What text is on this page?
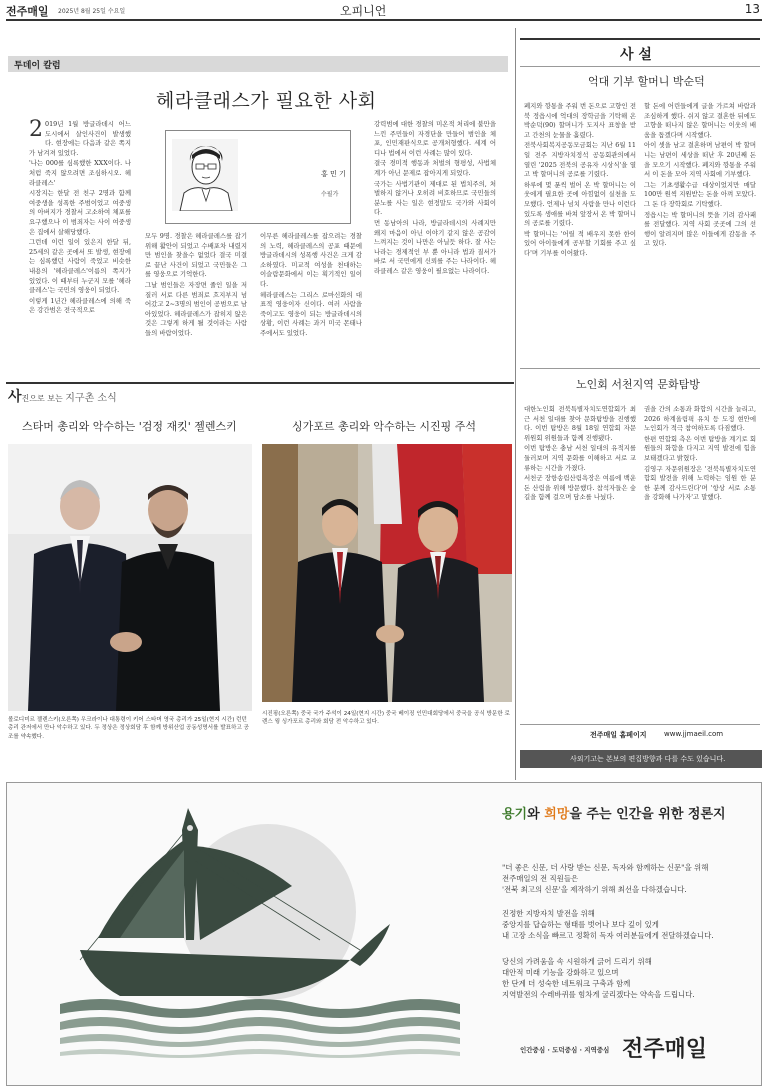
전주매일 2025년 8월 25일 수요일	오피니언	13
투데이 칼럼
헤라클래스가 필요한 사회

2 019년 1월 방글라데시 어느 도시에서 살인사건이 발생했다. 현장에는 다음과 같은 쪽지가 남겨져 있었다.

'나는 000를 심록했한 XXX이다. 나처럼 죽지 않으려면 조심하시오. 헤라클레스'

시장지는 한달 전 친구 2명과 함께 여중생을 성폭한 주범이었고 여중생의 아버지가 경찰서 고소하여 체포를 요구했으나 이 범죄자는 사이 여중생은 집에서 살해당했다.

그런데 이런 일이 있은지 한달 뒤, 25세의 같은 곳에서 또 발생, 현장에는 심록했던 사람이 죽었고 비슷한 내용의 '헤라클레스'이름의 쪽지가 있었다. 이 때부터 누군지 모를 '헤라클레스'는 국민의 영웅이 되었다.

이렇게 1년간 헤라클레스에 의해 죽은 강간범은 전국적으로

홍 민 기
수필가

모두 9명. 경찰은 헤라클레스를 잡기위해 활안이 되었고 수배포차 내렸지만 범인을 찾을수 없었다 결국 미결로 끝난 사건이 되었고 국민들은 그를 영웅으로 기억한다.

그날 범인들은 자장면 줄인 일을 저질러 서로 다른 범죄로 흐지부지 넘어갔고 2~3명의 범인이 공범으로 남아있었다. 헤라클레스가 잡히지 않은 것은 그렇게 하게 될 것이라는 사람들의 바람이었다.

이무른 헤라클레스를 잡으려는 경찰의 노력, 헤라클레스의 공포 때문에 방글라데시의 성폭행 사건은 크게 감소하였다. 미교적 여성을 천대하는 이슬람문화에서 이는 획기적인 일이다.

헤라클레스는 그리스 로마신화의 대표적 영웅이자 신이다. 여러 사람을 죽이고도 영웅이 되는 방글라데시의 상황, 이런 사례는 과거 미국 몬태나주에서도 있었다.

강력범에 대한 경찰의 미온적 처리에 불만을 느낀 주민들이 자경단을 만들어 범인을 체포, 인민재판식으로 공개처형했다. 세계 어디나 법에서 이런 사례는 많이 있다.

결국 경미적 행동과 처벌의 형평성, 사법체계가 아닌 문제로 잡아지게 되었다.

국가는 사법기관이 제대로 된 법치주의, 처벌하지 않거나 오히려 비호하므로 국민들의 분노를 사는 일은 현정말도 국가와 사회이다.

먼 동남아의 나라, 방글라데시의 사례지만 왜지 마음이 아닌 이야기 같지 않은 공감이 느껴지는 것이 나만은 아닐듯 하다. 잘 사는 나라는 경제적인 부 뿐 아니라 법과 질서가 바로 서 국민에게 신뢰를 주는 나라이다. 헤라클레스 같은 영웅이 필요없는 나라이다.

사 설
억대 기부 할머니 박순덕

폐지와 깡통을 주워 번 돈으로 고향인 전북 정읍시에 억대의 장학금을 기탁해 온 박순덕(90) 할머니가 도지사 표창을 받고 간천의 눈물을 흘렸다.

전북사회복지공동모금회는 지난 6월 11일 전주 지방자치정석 공동회관의에서 열린 '2025 전북의 공유자 시상식'을 열고 박 할머니의 공로를 기렸다.

하루에 몇 푼씩 벌어 온 박 할머니는 이웃에게 필요한 곳에 아낌없이 실천을 도모했다. 언제나 넘치 사람을 만나 이런다 있도록 생애를 바쳐 앞장서 온 박 할머니의 공로를 기렸다.

박 할머니는 '어릴 적 배우지 못한 한이 있어 아이들에게 공부할 기회를 주고 싶다'며 기부를 이어왔다.

할 돈에 어린들에게 글을 가르쳐 바람과 조심하게 했다. 쉬지 않고 결혼한 뒤에도 고향을 떠나지 않은 할머니는 이웃의 배움을 돕겠다며 시작했다.

아이 셋을 남고 결혼하며 남편이 박 할머니는 남편이 세상을 떠난 후 20년째 돈을 모으기 시작했다. 폐지와 깡통을 주워서 이 돈을 모아 지역 사회에 기부했다.

그는 기초생활수급 대상이었지만 매달 100만 원씩 지원받는 돈을 아껴 모았다. 그 돈 다 장학회로 기탁했다.

정읍시는 박 할머니의 뜻을 기려 감사패를 전달했다. 지역 사회 곳곳에 그의 선행이 알려지며 많은 이들에게 감동을 주고 있다.

노인회 서천지역 문화탐방

대한노인회 전북특별자치도연합회가 최근 서천 일대를 찾아 문화탐방을 진행했다. 이번 탐방은 8월 18일 연합회 자문위원회 위원들과 함께 진행됐다.

이번 탐방은 충남 서천 일대의 유적지를 둘러보며 지역 문화를 이해하고 서로 교류하는 시간을 가졌다.

서천군 장항송림산림욕장은 여름에 백운돈 산림을 위해 방문했다. 참석자들은 숲길을 함께 걸으며 담소를 나눴다.

권을 간의 소통과 화합의 시간을 늘리고, 2026 하계올림픽 유치 등 도정 현안에 노인회가 적극 참여하도록 다짐했다.

한편 연합회 측은 이번 탐방을 계기로 회원들의 화합을 다지고 지역 발전에 힘을 보태겠다고 밝혔다.

김영구 자문위원장은 '전북특별자치도연합회 발전을 위해 노력하는 임원 한 분 한 분께 감사드린다'며 '항상 서로 소통을 강화해 나가자'고 말했다.

전주매일 홈페이지 www.jjmaeil.com
사외기고는 본보의 편집방향과 다를 수도 있습니다.
사진으로 보는 지구촌 소식
스타머 총리와 악수하는 '검정 재킷' 젤렌스키	싱가포르 총리와 악수하는 시진핑 주석
볼로디미르 젤렌스키(오른쪽) 우크라이나 대통령이 키어 스타머 영국 총리가 25일(현지 시간) 런던 총리 관저에서 만나 악수하고 있다. 두 정상은 정상회담 후 함께 방위산업 공동성명서를 발표하고 공조를 약속했다.
시진핑(오른쪽) 중국 국가 주석이 24일(현지 시간) 중국 베이징 인민대회당에서 중국을 공식 방문한 로렌스 웡 싱가포르 총리와 회담 전 악수하고 있다.
용기와 희망을 주는 인간을 위한 정론지
"더 좋은 신문, 더 사랑 받는 신문, 독자와 함께하는 신문"을 위해
전주매일의 전 직원들은
'전북 최고의 신문'을 제작하기 위해 최선을 다하겠습니다.
진정한 지방자치 발전을 위해
중앙지를 답습하는 형태를 벗어나 보다 깊이 있게
내 고장 소식을 빠르고 정확히 독자 여러분들에게 전달하겠습니다.
당신의 가려움을 속 시원하게 긁어 드리기 위해
대안적 미래 기능을 강화하고 있으며
한 단계 더 성숙한 네트워크 구축과 함께
지역발전의 수레바퀴를 힘차게 굴리겠다는 약속을 드립니다.
인간중심 · 도덕중심 · 지역중심 전주매일
